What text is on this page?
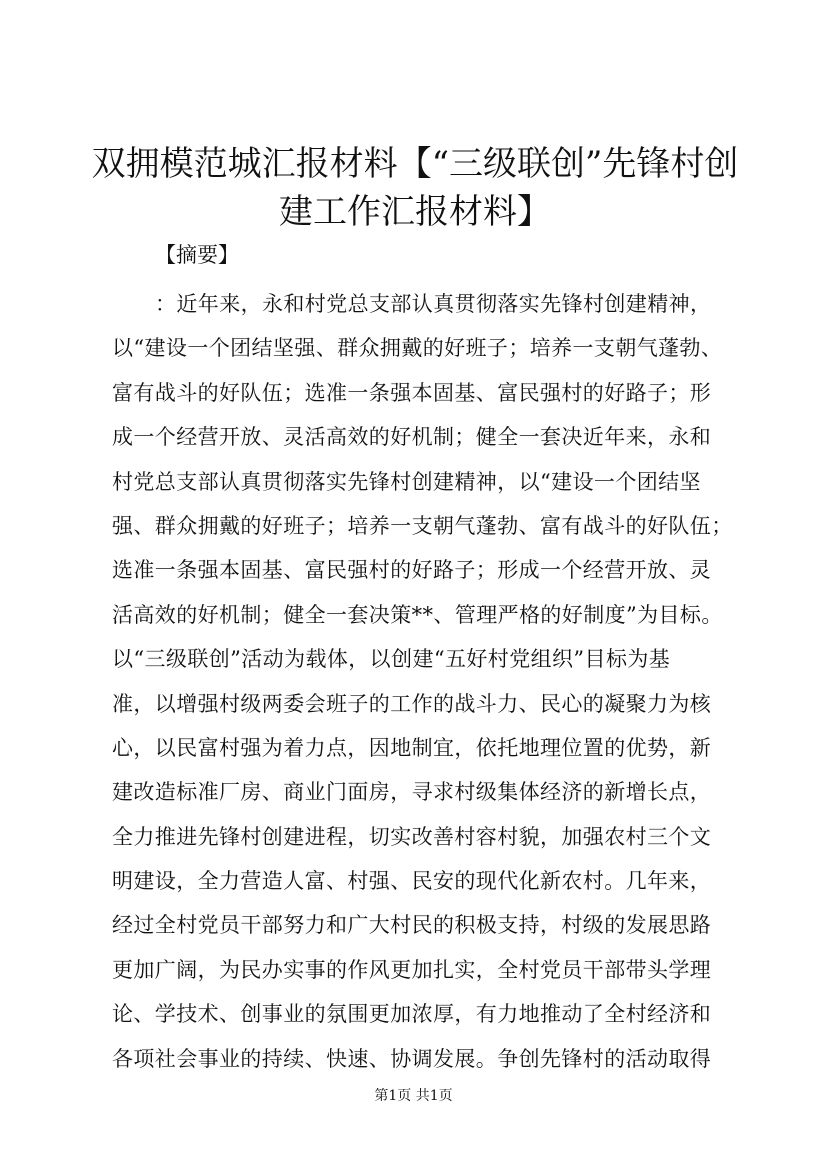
双拥模范城汇报材料【“三级联创”先锋村创
建工作汇报材料】
【摘要】
：近年来，永和村党总支部认真贯彻落实先锋村创建精神，
以“建设一个团结坚强、群众拥戴的好班子；培养一支朝气蓬勃、
富有战斗的好队伍；选准一条强本固基、富民强村的好路子；形
成一个经营开放、灵活高效的好机制；健全一套决近年来，永和
村党总支部认真贯彻落实先锋村创建精神，以“建设一个团结坚
强、群众拥戴的好班子；培养一支朝气蓬勃、富有战斗的好队伍；
选准一条强本固基、富民强村的好路子；形成一个经营开放、灵
活高效的好机制；健全一套决策**、管理严格的好制度”为目标。
以“三级联创”活动为载体，以创建“五好村党组织”目标为基
准，以增强村级两委会班子的工作的战斗力、民心的凝聚力为核
心，以民富村强为着力点，因地制宜，依托地理位置的优势，新
建改造标准厂房、商业门面房，寻求村级集体经济的新增长点，
全力推进先锋村创建进程，切实改善村容村貌，加强农村三个文
明建设，全力营造人富、村强、民安的现代化新农村。几年来，
经过全村党员干部努力和广大村民的积极支持，村级的发展思路
更加广阔，为民办实事的作风更加扎实，全村党员干部带头学理
论、学技术、创事业的氛围更加浓厚，有力地推动了全村经济和
各项社会事业的持续、快速、协调发展。争创先锋村的活动取得
第1页 共1页
